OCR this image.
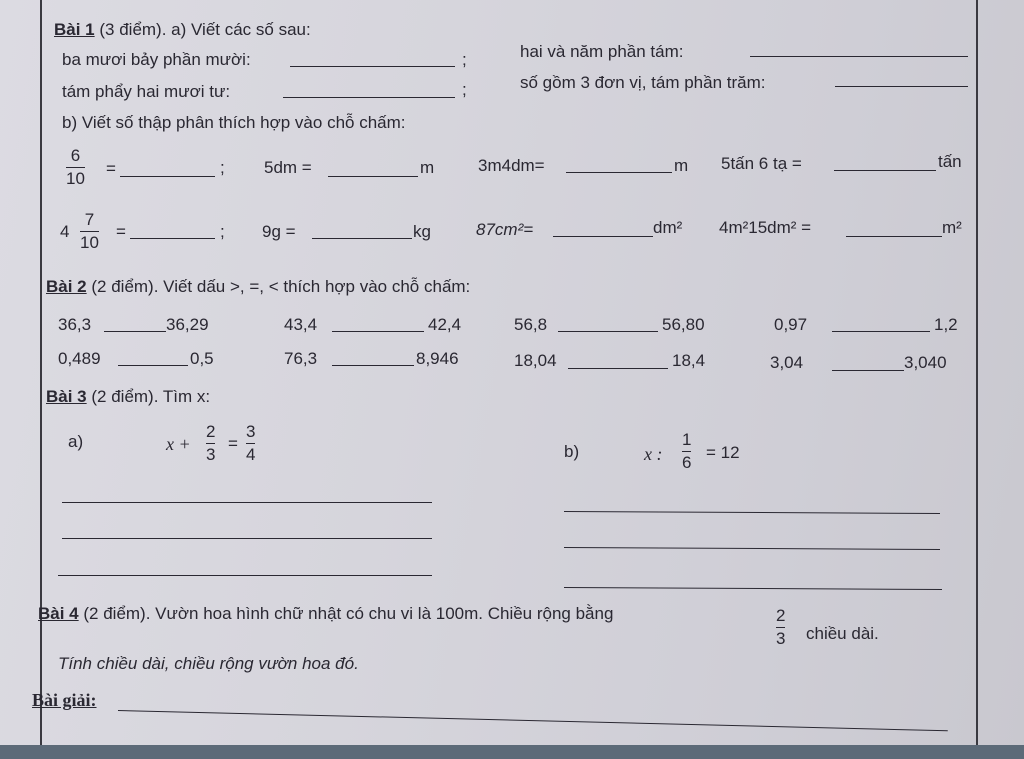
Bài 1 (3 điểm). a) Viết các số sau:
ba mươi bảy phần mười:	;	hai và năm phần tám:
tám phẩy hai mươi tư:	;	số gồm 3 đơn vị, tám phần trăm:
b) Viết số thập phân thích hợp vào chỗ chấm:
6
10
=	; 5dm =	m	3m4dm=	m 5tấn 6 tạ =	tấn
4
7
10
=	; 9g =	kg	87cm²=	dm² 4m²15dm² =	m²
Bài 2 (2 điểm). Viết dấu >, =, < thích hợp vào chỗ chấm:
36,3	36,29	43,4	42,4	56,8	56,80	0,97	1,2
0,489	0,5	76,3	8,946	18,04	18,4	3,04	3,040
Bài 3 (2 điểm). Tìm x:
a)	x +
2
3
=
3
4	b)	x :
1
6
= 12
Bài 4 (2 điểm). Vườn hoa hình chữ nhật có chu vi là 100m. Chiều rộng bằng	2
3 chiều dài.
Tính chiều dài, chiều rộng vườn hoa đó.
Bài giải:
